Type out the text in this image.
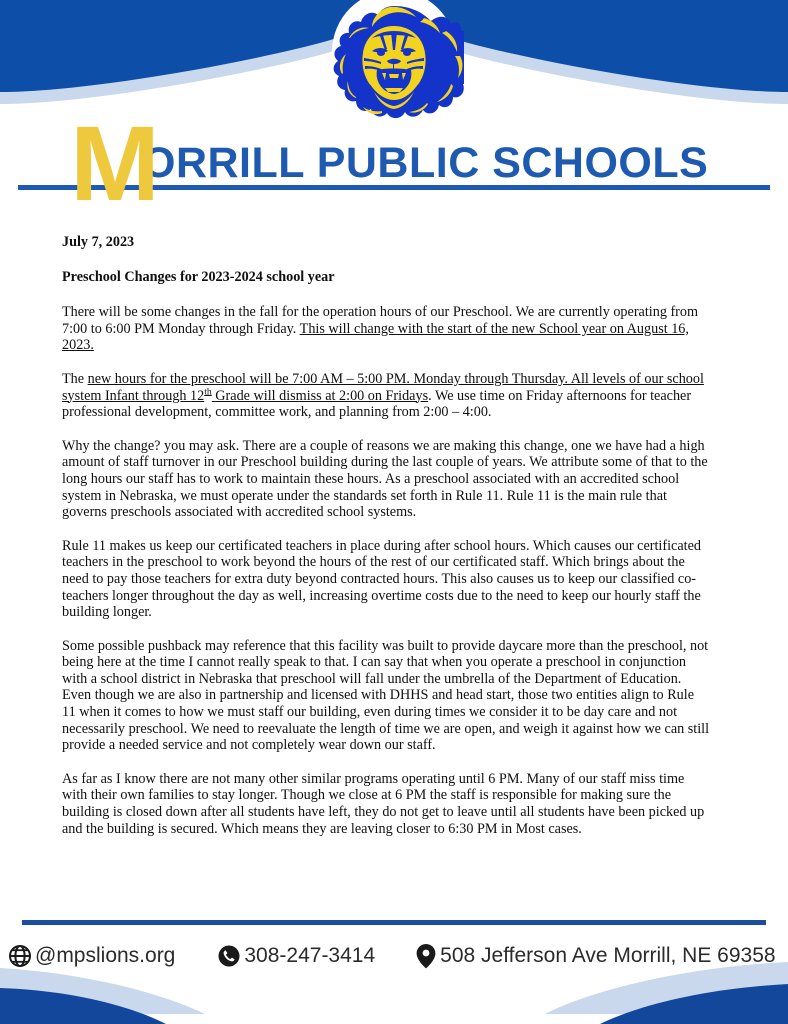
M
ORRILL PUBLIC SCHOOLS

July 7, 2023

Preschool Changes for 2023-2024 school year

There will be some changes in the fall for the operation hours of our Preschool. We are currently operating from 7:00 to 6:00 PM Monday through Friday. This will change with the start of the new School year on August 16, 2023.

The new hours for the preschool will be 7:00 AM – 5:00 PM. Monday through Thursday. All levels of our school system Infant through 12th Grade will dismiss at 2:00 on Fridays. We use time on Friday afternoons for teacher professional development, committee work, and planning from 2:00 – 4:00.

Why the change? you may ask. There are a couple of reasons we are making this change, one we have had a high amount of staff turnover in our Preschool building during the last couple of years. We attribute some of that to the long hours our staff has to work to maintain these hours. As a preschool associated with an accredited school system in Nebraska, we must operate under the standards set forth in Rule 11. Rule 11 is the main rule that governs preschools associated with accredited school systems.

Rule 11 makes us keep our certificated teachers in place during after school hours. Which causes our certificated teachers in the preschool to work beyond the hours of the rest of our certificated staff. Which brings about the need to pay those teachers for extra duty beyond contracted hours. This also causes us to keep our classified co-teachers longer throughout the day as well, increasing overtime costs due to the need to keep our hourly staff the building longer.

Some possible pushback may reference that this facility was built to provide daycare more than the preschool, not being here at the time I cannot really speak to that. I can say that when you operate a preschool in conjunction with a school district in Nebraska that preschool will fall under the umbrella of the Department of Education. Even though we are also in partnership and licensed with DHHS and head start, those two entities align to Rule 11 when it comes to how we must staff our building, even during times we consider it to be day care and not necessarily preschool. We need to reevaluate the length of time we are open, and weigh it against how we can still provide a needed service and not completely wear down our staff.

As far as I know there are not many other similar programs operating until 6 PM. Many of our staff miss time with their own families to stay longer. Though we close at 6 PM the staff is responsible for making sure the building is closed down after all students have left, they do not get to leave until all students have been picked up and the building is secured. Which means they are leaving closer to 6:30 PM in Most cases.

@mpslions.org	308-247-3414	508 Jefferson Ave Morrill, NE 69358
